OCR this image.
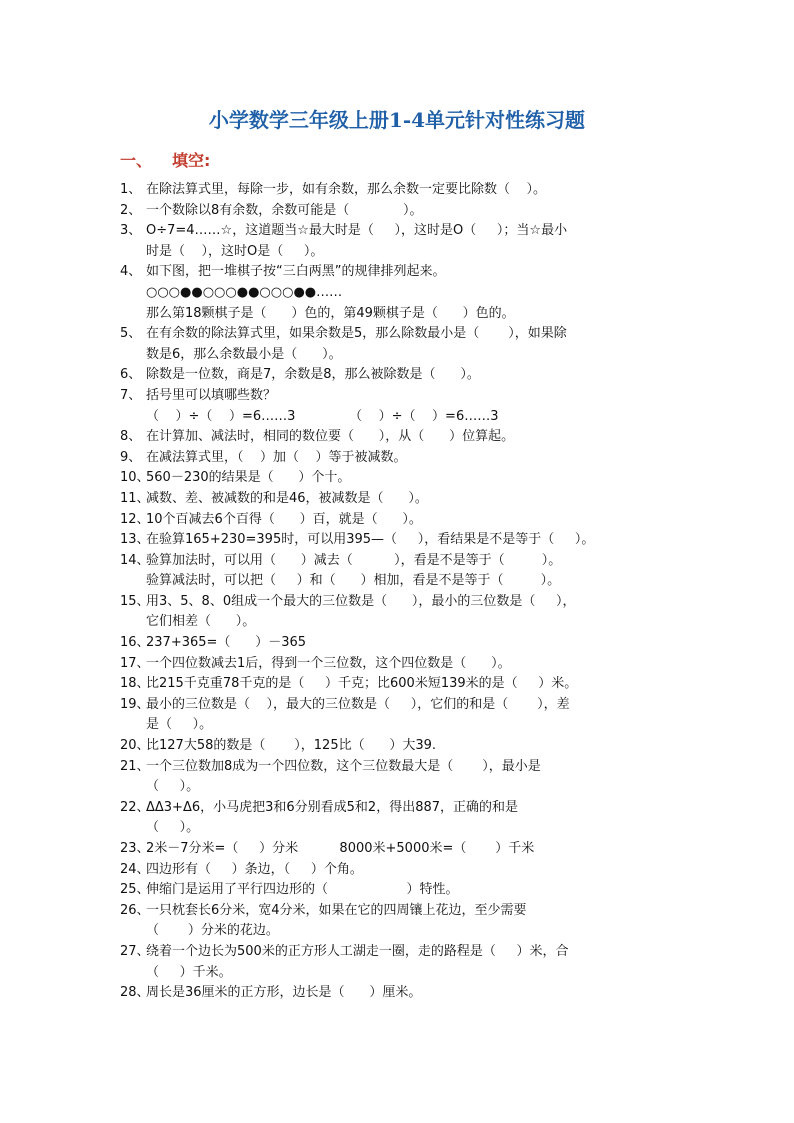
小学数学三年级上册1-4单元针对性练习题
一、 填空:
1、 在除法算式里，每除一步，如有余数，那么余数一定要比除数（    ）。
2、 一个数除以8有余数，余数可能是（             ）。
3、 O÷7=4……☆，这道题当☆最大时是（     ），这时是O（     ）；当☆最小
时是（    ），这时O是（     ）。
4、 如下图，把一堆棋子按“三白两黑”的规律排列起来。
○○○●●○○○●●○○○●●……
那么第18颗棋子是（      ）色的，第49颗棋子是（      ）色的。
5、 在有余数的除法算式里，如果余数是5，那么除数最小是（       ），如果除
数是6，那么余数最小是（      ）。
6、 除数是一位数，商是7，余数是8，那么被除数是（      ）。
7、 括号里可以填哪些数？
（    ）÷（    ）=6……3             （    ）÷（    ）=6……3
8、 在计算加、减法时，相同的数位要（      ），从（      ）位算起。
9、 在减法算式里，（    ）加（    ）等于被减数。
10、
560－230的结果是（      ）个十。
11、
减数、差、被减数的和是46，被减数是（      ）。
12、
10个百减去6个百得（      ）百，就是（      ）。
13、
在验算165+230=395时，可以用395—（     ），看结果是不是等于（     ）。
14、
验算加法时，可以用（      ）减去（          ），看是不是等于（         ）。
验算减法时，可以把（     ）和（      ）相加，看是不是等于（         ）。
15、
用3、5、8、0组成一个最大的三位数是（      ），最小的三位数是（     ），
它们相差（      ）。
16、
237+365=（      ）－365
17、
一个四位数减去1后，得到一个三位数，这个四位数是（      ）。
18、
比215千克重78千克的是（     ）千克；比600米短139米的是（     ）米。
19、
最小的三位数是（    ），最大的三位数是（     ），它们的和是（       ），差
是（     ）。
20、
比127大58的数是（       ），125比（      ）大39.
21、
一个三位数加8成为一个四位数，这个三位数最大是（       ），最小是
（     ）。
22、
ΔΔ3+Δ6，小马虎把3和6分别看成5和2，得出887，正确的和是
（     ）。
23、
2米－7分米=（     ）分米          8000米+5000米=（       ）千米
24、
四边形有（     ）条边，（     ）个角。
25、
伸缩门是运用了平行四边形的（                   ）特性。
26、
一只枕套长6分米，宽4分米，如果在它的四周镶上花边，至少需要
（       ）分米的花边。
27、
绕着一个边长为500米的正方形人工湖走一圈，走的路程是（     ）米，合
（     ）千米。
28、
周长是36厘米的正方形，边长是（      ）厘米。
